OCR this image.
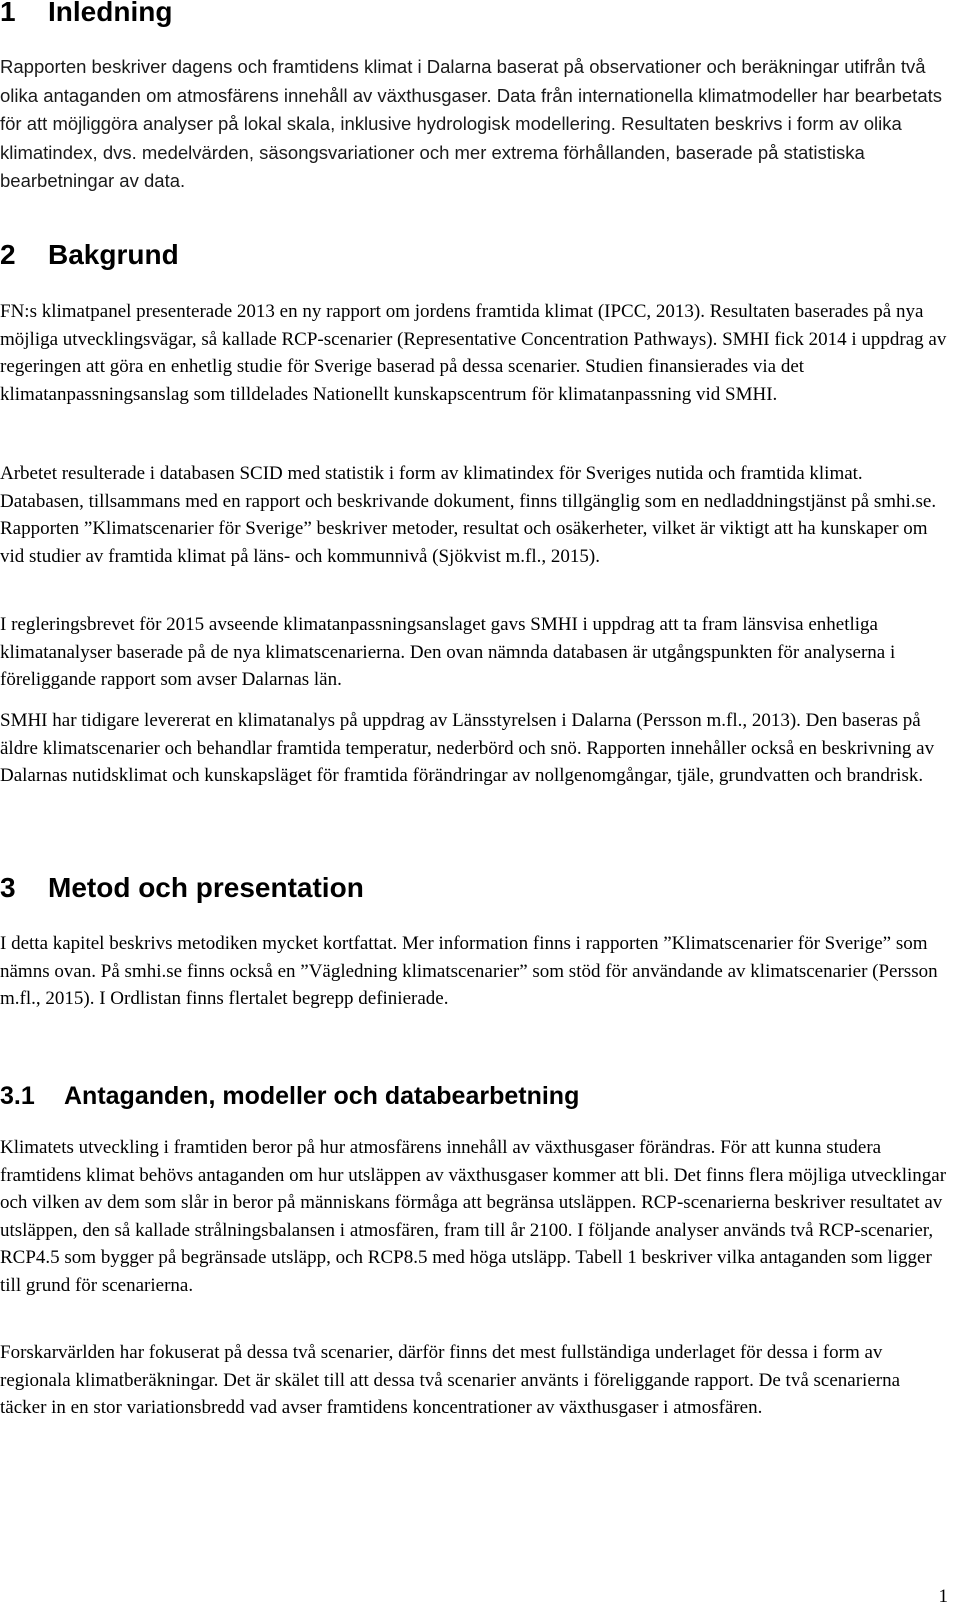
1 Inledning

Rapporten beskriver dagens och framtidens klimat i Dalarna baserat på observationer och beräkningar utifrån två olika antaganden om atmosfärens innehåll av växthusgaser. Data från internationella klimatmodeller har bearbetats för att möjliggöra analyser på lokal skala, inklusive hydrologisk modellering. Resultaten beskrivs i form av olika klimatindex, dvs. medelvärden, säsongsvariationer och mer extrema förhållanden, baserade på statistiska bearbetningar av data.

2 Bakgrund

FN:s klimatpanel presenterade 2013 en ny rapport om jordens framtida klimat (IPCC, 2013). Resultaten baserades på nya möjliga utvecklingsvägar, så kallade RCP-scenarier (Representative Concentration Pathways). SMHI fick 2014 i uppdrag av regeringen att göra en enhetlig studie för Sverige baserad på dessa scenarier. Studien finansierades via det klimatanpassningsanslag som tilldelades Nationellt kunskapscentrum för klimatanpassning vid SMHI.

Arbetet resulterade i databasen SCID med statistik i form av klimatindex för Sveriges nutida och framtida klimat. Databasen, tillsammans med en rapport och beskrivande dokument, finns tillgänglig som en nedladdningstjänst på smhi.se. Rapporten ”Klimatscenarier för Sverige” beskriver metoder, resultat och osäkerheter, vilket är viktigt att ha kunskaper om vid studier av framtida klimat på läns- och kommunnivå (Sjökvist m.fl., 2015).

I regleringsbrevet för 2015 avseende klimatanpassningsanslaget gavs SMHI i uppdrag att ta fram länsvisa enhetliga klimatanalyser baserade på de nya klimatscenarierna. Den ovan nämnda databasen är utgångspunkten för analyserna i föreliggande rapport som avser Dalarnas län.

SMHI har tidigare levererat en klimatanalys på uppdrag av Länsstyrelsen i Dalarna (Persson m.fl., 2013). Den baseras på äldre klimatscenarier och behandlar framtida temperatur, nederbörd och snö. Rapporten innehåller också en beskrivning av Dalarnas nutidsklimat och kunskapsläget för framtida förändringar av nollgenomgångar, tjäle, grundvatten och brandrisk.

3 Metod och presentation

I detta kapitel beskrivs metodiken mycket kortfattat. Mer information finns i rapporten ”Klimatscenarier för Sverige” som nämns ovan. På smhi.se finns också en ”Vägledning klimatscenarier” som stöd för användande av klimatscenarier (Persson m.fl., 2015). I Ordlistan finns flertalet begrepp definierade.

3.1 Antaganden, modeller och databearbetning

Klimatets utveckling i framtiden beror på hur atmosfärens innehåll av växthusgaser förändras. För att kunna studera framtidens klimat behövs antaganden om hur utsläppen av växthusgaser kommer att bli. Det finns flera möjliga utvecklingar och vilken av dem som slår in beror på människans förmåga att begränsa utsläppen. RCP-scenarierna beskriver resultatet av utsläppen, den så kallade strålningsbalansen i atmosfären, fram till år 2100. I följande analyser används två RCP-scenarier, RCP4.5 som bygger på begränsade utsläpp, och RCP8.5 med höga utsläpp. Tabell 1 beskriver vilka antaganden som ligger till grund för scenarierna.

Forskarvärlden har fokuserat på dessa två scenarier, därför finns det mest fullständiga underlaget för dessa i form av regionala klimatberäkningar. Det är skälet till att dessa två scenarier använts i föreliggande rapport. De två scenarierna täcker in en stor variationsbredd vad avser framtidens koncentrationer av växthusgaser i atmosfären.

1
